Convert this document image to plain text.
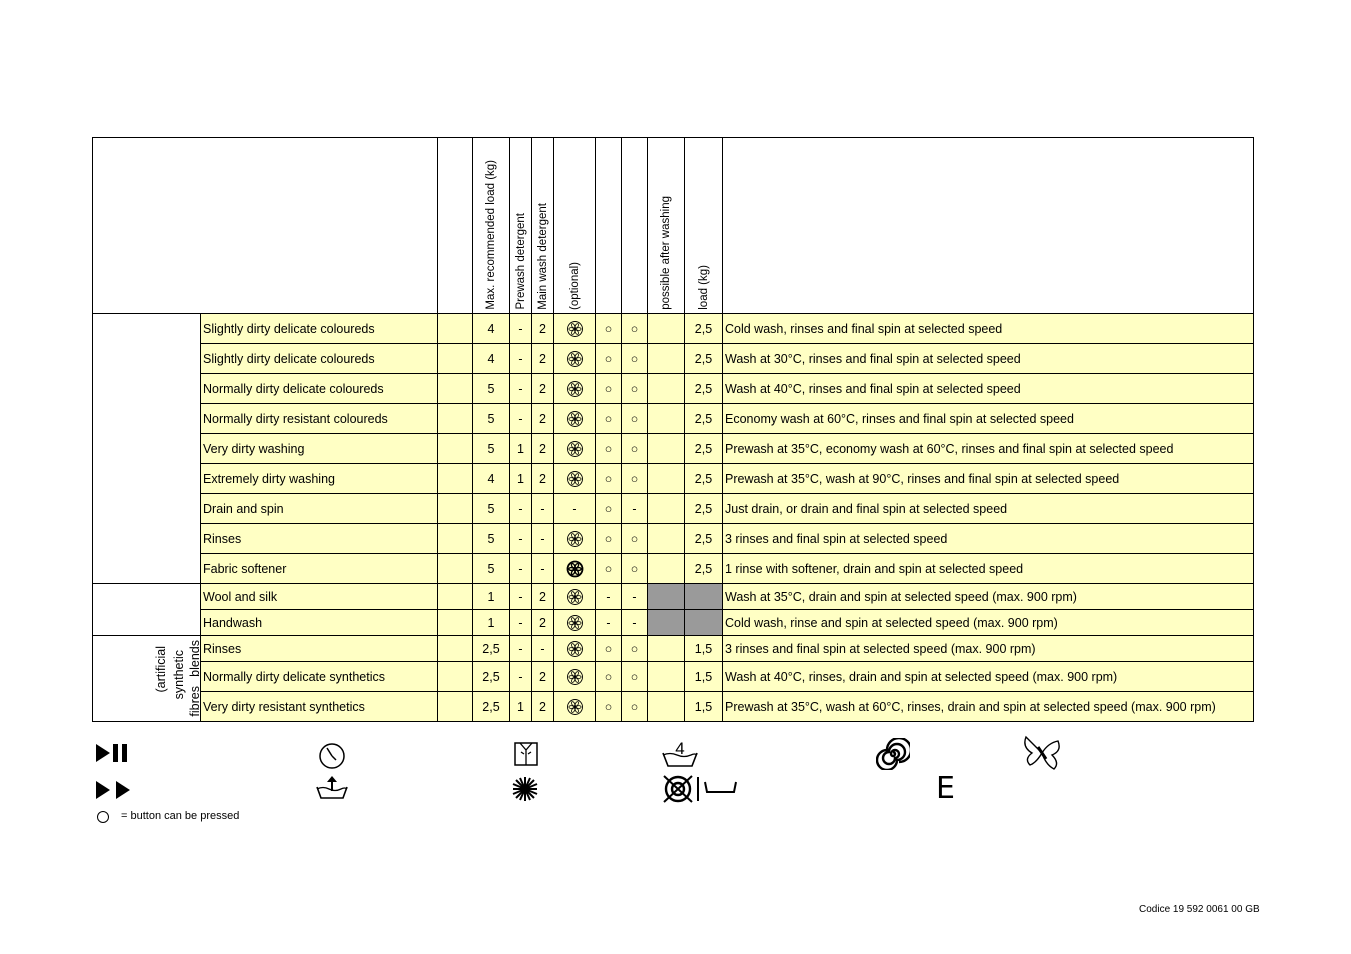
			Max. recommended load (kg)	Prewash detergent	Main wash detergent	(optional)			possible after washing	load (kg)	

	Slightly dirty delicate coloureds		4	-	2		○	○		2,5	Cold wash, rinses and final spin at selected speed
	Slightly dirty delicate coloureds		4	-	2		○	○		2,5	Wash at 30°C, rinses and final spin at selected speed
	Normally dirty delicate coloureds		5	-	2		○	○		2,5	Wash at 40°C, rinses and final spin at selected speed
	Normally dirty resistant coloureds		5	-	2		○	○		2,5	Economy wash at 60°C, rinses and final spin at selected speed
	Very dirty washing		5	1	2		○	○		2,5	Prewash at 35°C, economy wash at 60°C, rinses and final spin at selected speed
	Extremely dirty washing		4	1	2		○	○		2,5	Prewash at 35°C, wash at 90°C, rinses and final spin at selected speed
	Drain and spin		5	-	-	-	○	-		2,5	Just drain, or drain and final spin at selected speed
	Rinses		5	-	-		○	○		2,5	3 rinses and final spin at selected speed
	Fabric softener		5	-	-		○	○		2,5	1 rinse with softener, drain and spin at selected speed
	Wool and silk		1	-	2		-	-			Wash at 35°C, drain and spin at selected speed (max. 900 rpm)
	Handwash		1	-	2		-	-			Cold wash, rinse and spin at selected speed (max. 900 rpm)
	Rinses		2,5	-	-		○	○		1,5	3 rinses and final spin at selected speed (max. 900 rpm)
	Normally dirty delicate synthetics		2,5	-	2		○	○		1,5	Wash at 40°C, rinses, drain and spin at selected speed (max. 900 rpm)
	Very dirty resistant synthetics		2,5	1	2		○	○		1,5	Prewash at 35°C, wash at 60°C, rinses, drain and spin at selected speed (max. 900 rpm)
(artificial synthetic
fibres
blends
4
E
= button can be pressed
Codice 19 592 0061 00 GB
